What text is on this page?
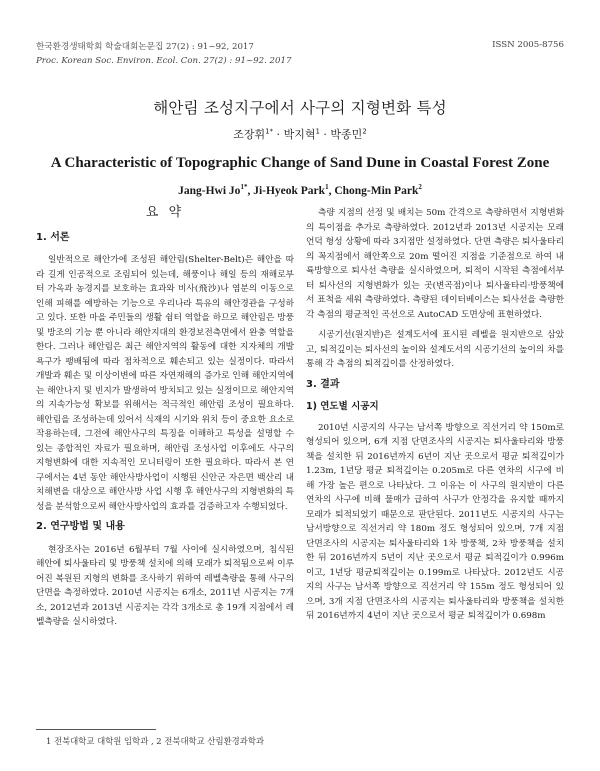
한국환경생태학회 학술대회논문집 27(2) : 91~92, 2017
Proc. Korean Soc. Environ. Ecol. Con. 27(2) : 91~92. 2017
ISSN 2005-8756
해안림 조성지구에서 사구의 지형변화 특성
조장휘$^{1*}$ · 박지혁$^1$ · 박종민$^2$
A Characteristic of Topographic Change of Sand Dune in Coastal Forest Zone
Jang-Hwi $Jo^{1*}$, Ji-Hyeok Park$^1$, Chong-Min Park$^2$
요 약
1. 서론

일반적으로 해안가에 조성된 해안림(Shelter-Belt)은 해안을 따라 길게 인공적으로 조림되어 있는데, 해풍이나 해일 등의 재해로부터 가옥과 농경지를 보호하는 효과와 비사(飛沙)나 염분의 이동으로 인해 피해를 예방하는 기능으로 우리나라 특유의 해안경관을 구성하고 있다. 또한 마을 주민들의 생활 쉼터 역할을 하므로 해안림은 방풍 및 방조의 기능 뿐 아니라 해안지대의 환경보전측면에서 완충 역할을 한다. 그러나 해안림은 최근 해안지역의 활동에 대한 지자체의 개발욕구가 팽배됨에 따라 점차적으로 훼손되고 있는 실정이다. 따라서 개발과 훼손 및 이상이변에 따른 자연재해의 증가로 인해 해안지역에는 해안나지 및 빈지가 발생하여 방치되고 있는 실정이므로 해안지역의 지속가능성 확보를 위해서는 적극적인 해안림 조성이 필요하다. 해안림을 조성하는데 있어서 식재의 시기와 위치 등이 중요한 요소로 작용하는데, 그전에 해안사구의 특징을 이해하고 특성을 설명할 수 있는 종합적인 자료가 필요하며, 해안림 조성사업 이후에도 사구의 지형변화에 대한 지속적인 모니터링이 또한 필요하다. 따라서 본 연구에서는 4년 동안 해안사방사업이 시행된 신안군 자은면 백산리 내치해변을 대상으로 해안사방 사업 시행 후 해안사구의 지형변화의 특성을 분석함으로써 해안사방사업의 효과를 검증하고자 수행되었다.

2. 연구방법 및 내용

현장조사는 2016년 6월부터 7월 사이에 실시하였으며, 침식된 해안에 퇴사울타리 및 방풍책 설치에 의해 모래가 퇴적됨으로써 이루어진 복원된 지형의 변화를 조사하기 위하여 레벨측량을 통해 사구의 단면을 측정하였다. 2010년 시공지는 6개소, 2011년 시공지는 7개소, 2012년과 2013년 시공지는 각각 3개소로 총 19개 지점에서 레벨측량을 실시하였다.

측량 지점의 선정 및 배치는 50m 간격으로 측량하면서 지형변화의 특이점을 추가로 측량하였다. 2012년과 2013년 시공지는 모래언덕 형성 상황에 따라 3지점만 설정하였다. 단면 측량은 퇴사울타리의 꼭지점에서 해안쪽으로 20m 떨어진 지점을 기준점으로 하여 내륙방향으로 퇴사선 측량을 실시하였으며, 퇴적이 시작된 측점에서부터 퇴사선의 지형변화가 있는 곳(변곡점)이나 퇴사울타리·방풍책에서 표척을 세워 측량하였다. 측량된 데이터베이스는 퇴사선을 측량한 각 측점의 평균적인 곡선으로 AutoCAD 도면상에 표현하였다.

시공기선(원지반)은 설계도서에 표시된 레벨을 원지반으로 삼았고, 퇴적깊이는 퇴사선의 높이와 설계도서의 시공기선의 높이의 차를 통해 각 측점의 퇴적깊이를 산정하였다.

3. 결과
1) 연도별 시공지

2010년 시공지의 사구는 남서쪽 방향으로 직선거리 약 150m로 형성되어 있으며, 6개 지점 단면조사의 시공지는 퇴사울타리와 방풍책을 설치한 뒤 2016년까지 6년이 지난 곳으로서 평균 퇴적깊이가 1.23m, 1년당 평균 퇴적깊이는 0.205m로 다른 연차의 시구에 비해 가장 높은 편으로 나타났다. 그 이유는 이 사구의 원지반이 다른 연차의 사구에 비해 물매가 급하여 사구가 안정각을 유지할 때까지 모래가 퇴적되었기 때문으로 판단된다. 2011년도 시공지의 사구는 남서방향으로 직선거리 약 180m 정도 형성되어 있으며, 7개 지점 단면조사의 시공지는 퇴사울타리와 1차 방풍책, 2차 방풍책을 설치한 뒤 2016년까지 5년이 지난 곳으로서 평균 퇴적깊이가 0.996m이고, 1년당 평균퇴적깊이는 0.199m로 나타났다. 2012년도 시공지의 사구는 남서쪽 방향으로 직선거리 약 155m 정도 형성되어 있으며, 3개 지점 단면조사의 시공지는 퇴사울타리와 방풍책을 설치한 뒤 2016년까지 4년이 지난 곳으로서 평균 퇴적깊이가 0.698m

1 전북대학교 대학원 임학과 , 2 전북대학교 산림환경과학과
